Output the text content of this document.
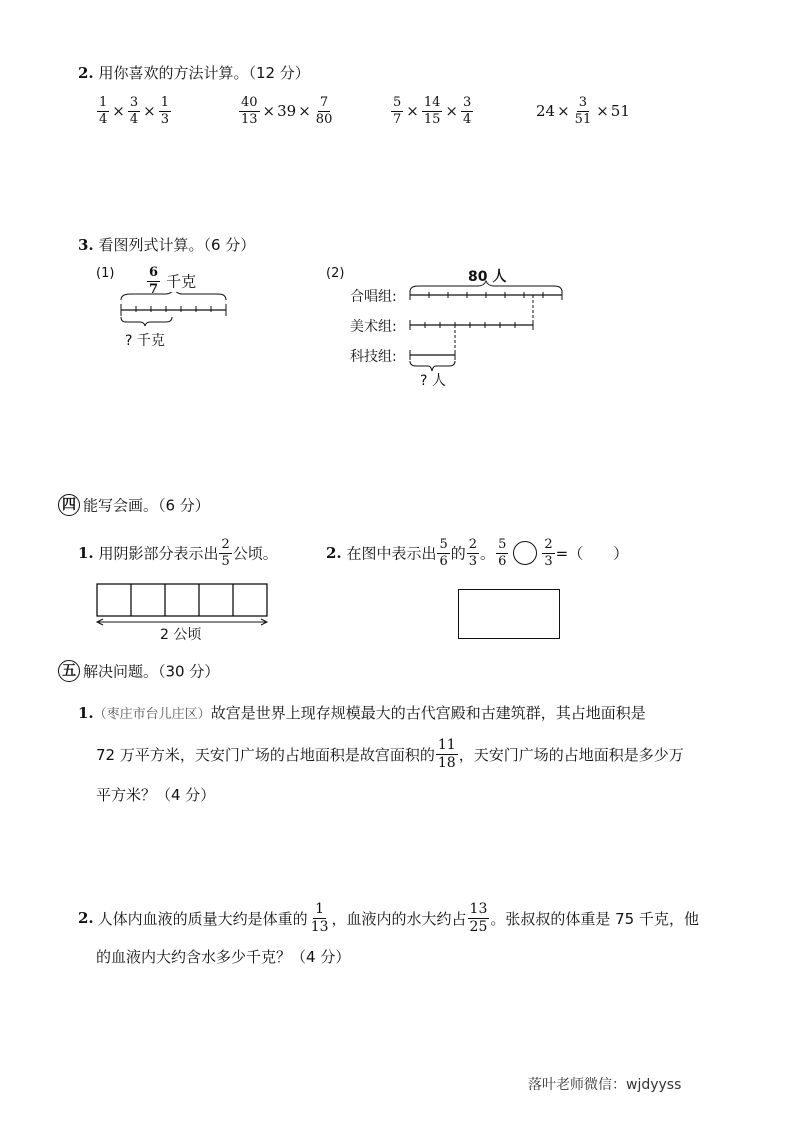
2. 用你喜欢的方法计算。（12 分）
$\frac{1}{4} \times \frac{3}{4} \times \frac{1}{3}$	$\frac{40}{13} \times 39 \times \frac{7}{80}$	$\frac{5}{7} \times \frac{14}{15} \times \frac{3}{4}$	$24 \times \frac{3}{51} \times 51$
3. 看图列式计算。（6 分）
(1)	$\frac{6}{7}$ 千克
? 千克
(2)	80 人
合唱组:
美术组:
科技组:
? 人
四 能写会画。（6 分）
1. 用阴影部分表示出 $\frac{2}{5}$ 公顷。	2. 在图中表示出 $\frac{5}{6}$ 的 $\frac{2}{3}$ 。 $\frac{5}{6}$	$\frac{2}{3}$ =（　　）
2 公顷
五 解决问题。（30 分）
1.（枣庄市台儿庄区）故宫是世界上现存规模最大的古代宫殿和古建筑群，其占地面积是
72 万平方米，天安门广场的占地面积是故宫面积的 $\frac{11}{18}$ ，天安门广场的占地面积是多少万
平方米？（4 分）
2. 人体内血液的质量大约是体重的 $\frac{1}{13}$ ，血液内的水大约占 $\frac{13}{25}$ 。张叔叔的体重是 75 千克，他
的血液内大约含水多少千克？（4 分）
落叶老师微信：wjdyyss
